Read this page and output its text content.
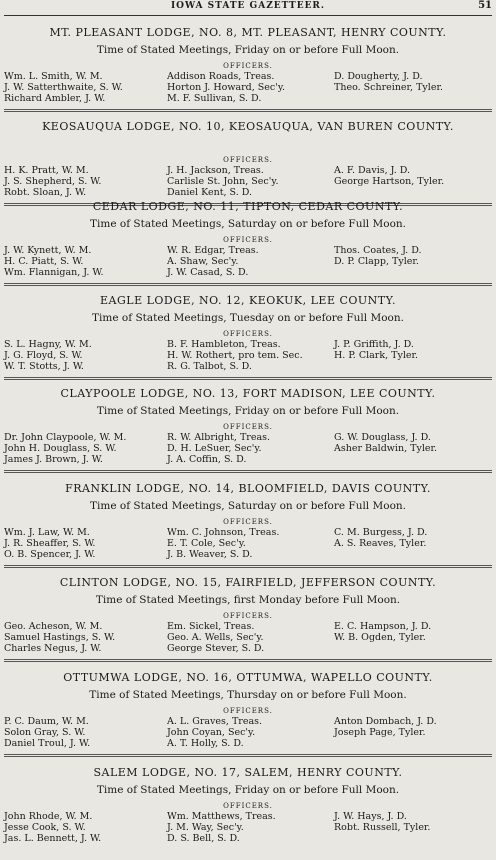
IOWA STATE GAZETTEER.	51
MT. PLEASANT LODGE, NO. 8, MT. PLEASANT, HENRY COUNTY.
Time of Stated Meetings, Friday on or before Full Moon.
OFFICERS.
Wm. L. Smith, W. M.
J. W. Satterthwaite, S. W.
Richard Ambler, J. W.
Addison Roads, Treas.
Horton J. Howard, Sec'y.
M. F. Sullivan, S. D.
D. Dougherty, J. D.
Theo. Schreiner, Tyler.
KEOSAUQUA LODGE, NO. 10, KEOSAUQUA, VAN BUREN COUNTY.
OFFICERS.
H. K. Pratt, W. M.
J. S. Shepherd, S. W.
Robt. Sloan, J. W.
J. H. Jackson, Treas.
Carlisle St. John, Sec'y.
Daniel Kent, S. D.
A. F. Davis, J. D.
George Hartson, Tyler.
CEDAR LODGE, NO. 11, TIPTON, CEDAR COUNTY.
Time of Stated Meetings, Saturday on or before Full Moon.
OFFICERS.
J. W. Kynett, W. M.
H. C. Piatt, S. W.
Wm. Flannigan, J. W.
W. R. Edgar, Treas.
A. Shaw, Sec'y.
J. W. Casad, S. D.
Thos. Coates, J. D.
D. P. Clapp, Tyler.
EAGLE LODGE, NO. 12, KEOKUK, LEE COUNTY.
Time of Stated Meetings, Tuesday on or before Full Moon.
OFFICERS.
S. L. Hagny, W. M.
J. G. Floyd, S. W.
W. T. Stotts, J. W.
B. F. Hambleton, Treas.
H. W. Rothert, pro tem. Sec.
R. G. Talbot, S. D.
J. P. Griffith, J. D.
H. P. Clark, Tyler.
CLAYPOOLE LODGE, NO. 13, FORT MADISON, LEE COUNTY.
Time of Stated Meetings, Friday on or before Full Moon.
OFFICERS.
Dr. John Claypoole, W. M.
John H. Douglass, S. W.
James J. Brown, J. W.
R. W. Albright, Treas.
D. H. LeSuer, Sec'y.
J. A. Coffin, S. D.
G. W. Douglass, J. D.
Asher Baldwin, Tyler.
FRANKLIN LODGE, NO. 14, BLOOMFIELD, DAVIS COUNTY.
Time of Stated Meetings, Saturday on or before Full Moon.
OFFICERS.
Wm. J. Law, W. M.
J. R. Sheaffer, S. W.
O. B. Spencer, J. W.
Wm. C. Johnson, Treas.
E. T. Cole, Sec'y.
J. B. Weaver, S. D.
C. M. Burgess, J. D.
A. S. Reaves, Tyler.
CLINTON LODGE, NO. 15, FAIRFIELD, JEFFERSON COUNTY.
Time of Stated Meetings, first Monday before Full Moon.
OFFICERS.
Geo. Acheson, W. M.
Samuel Hastings, S. W.
Charles Negus, J. W.
Em. Sickel, Treas.
Geo. A. Wells, Sec'y.
George Stever, S. D.
E. C. Hampson, J. D.
W. B. Ogden, Tyler.
OTTUMWA LODGE, NO. 16, OTTUMWA, WAPELLO COUNTY.
Time of Stated Meetings, Thursday on or before Full Moon.
OFFICERS.
P. C. Daum, W. M.
Solon Gray, S. W.
Daniel Troul, J. W.
A. L. Graves, Treas.
John Coyan, Sec'y.
A. T. Holly, S. D.
Anton Dombach, J. D.
Joseph Page, Tyler.
SALEM LODGE, NO. 17, SALEM, HENRY COUNTY.
Time of Stated Meetings, Friday on or before Full Moon.
OFFICERS.
John Rhode, W. M.
Jesse Cook, S. W.
Jas. L. Bennett, J. W.
Wm. Matthews, Treas.
J. M. Way, Sec'y.
D. S. Bell, S. D.
J. W. Hays, J. D.
Robt. Russell, Tyler.
